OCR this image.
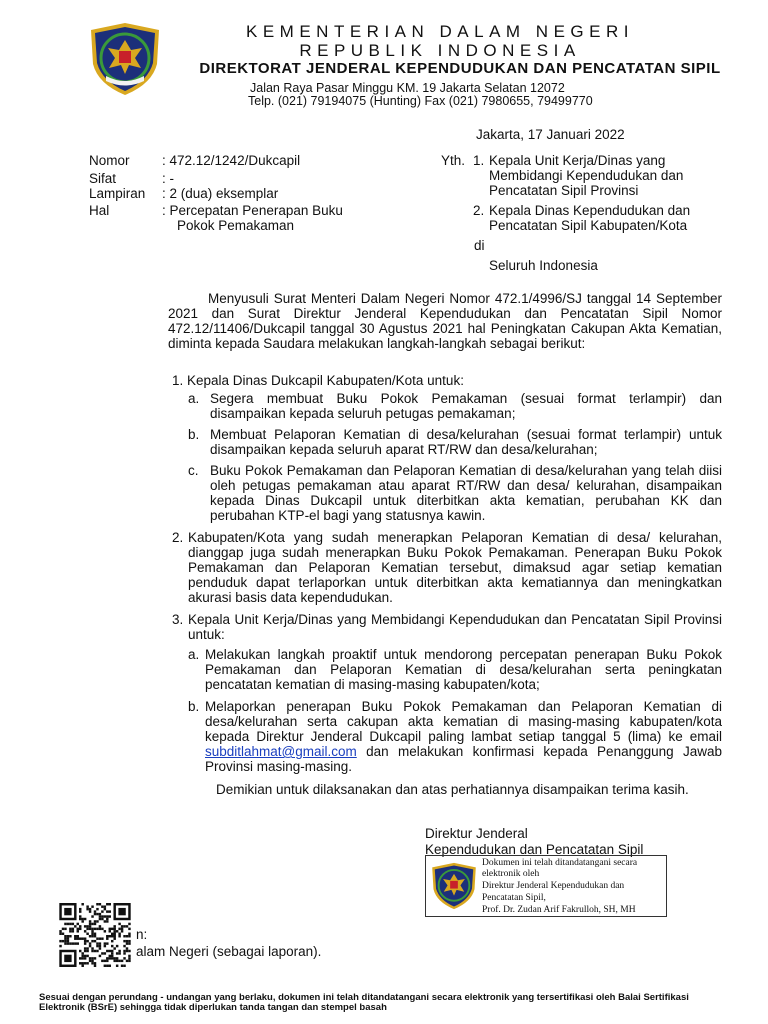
KEMENTERIAN DALAM NEGERI
REPUBLIK INDONESIA
DIREKTORAT JENDERAL KEPENDUDUKAN DAN PENCATATAN SIPIL
Jalan Raya Pasar Minggu KM. 19 Jakarta Selatan 12072
Telp. (021) 79194075 (Hunting) Fax (021) 7980655, 79499770
Jakarta, 17 Januari 2022
Nomor : 472.12/1242/Dukcapil
Sifat	: -
Lampiran : 2 (dua) eksemplar
Hal	: Percepatan Penerapan Buku
Pokok Pemakaman
Yth. 1. Kepala Unit Kerja/Dinas yang
Membidangi Kependudukan dan
Pencatatan Sipil Provinsi
2. Kepala Dinas Kependudukan dan
Pencatatan Sipil Kabupaten/Kota
di
Seluruh Indonesia
Menyusuli Surat Menteri Dalam Negeri Nomor 472.1/4996/SJ tanggal 14 September 2021 dan Surat Direktur Jenderal Kependudukan dan Pencatatan Sipil Nomor 472.12/11406/Dukcapil tanggal 30 Agustus 2021 hal Peningkatan Cakupan Akta Kematian, diminta kepada Saudara melakukan langkah-langkah sebagai berikut:
1. Kepala Dinas Dukcapil Kabupaten/Kota untuk:
a. Segera membuat Buku Pokok Pemakaman (sesuai format terlampir) dan disampaikan kepada seluruh petugas pemakaman;
b. Membuat Pelaporan Kematian di desa/kelurahan (sesuai format terlampir) untuk disampaikan kepada seluruh aparat RT/RW dan desa/kelurahan;
c. Buku Pokok Pemakaman dan Pelaporan Kematian di desa/kelurahan yang telah diisi oleh petugas pemakaman atau aparat RT/RW dan desa/ kelurahan, disampaikan kepada Dinas Dukcapil untuk diterbitkan akta kematian, perubahan KK dan perubahan KTP-el bagi yang statusnya kawin.
2. Kabupaten/Kota yang sudah menerapkan Pelaporan Kematian di desa/ kelurahan, dianggap juga sudah menerapkan Buku Pokok Pemakaman. Penerapan Buku Pokok Pemakaman dan Pelaporan Kematian tersebut, dimaksud agar setiap kematian penduduk dapat terlaporkan untuk diterbitkan akta kematiannya dan meningkatkan akurasi basis data kependudukan.
3. Kepala Unit Kerja/Dinas yang Membidangi Kependudukan dan Pencatatan Sipil Provinsi untuk:
a. Melakukan langkah proaktif untuk mendorong percepatan penerapan Buku Pokok Pemakaman dan Pelaporan Kematian di desa/kelurahan serta peningkatan pencatatan kematian di masing-masing kabupaten/kota;
b. Melaporkan penerapan Buku Pokok Pemakaman dan Pelaporan Kematian di desa/kelurahan serta cakupan akta kematian di masing-masing kabupaten/kota kepada Direktur Jenderal Dukcapil paling lambat setiap tanggal 5 (lima) ke email subditlahmat@gmail.com dan melakukan konfirmasi kepada Penanggung Jawab Provinsi masing-masing.
Demikian untuk dilaksanakan dan atas perhatiannya disampaikan terima kasih.
Direktur Jenderal
Kependudukan dan Pencatatan Sipil
Dokumen ini telah ditandatangani secara
elektronik oleh
Direktur Jenderal Kependudukan dan
Pencatatan Sipil,
Prof. Dr. Zudan Arif Fakrulloh, SH, MH
n:
alam Negeri (sebagai laporan).
Sesuai dengan perundang - undangan yang berlaku, dokumen ini telah ditandatangani secara elektronik yang tersertifikasi oleh Balai Sertifikasi
Elektronik (BSrE) sehingga tidak diperlukan tanda tangan dan stempel basah
